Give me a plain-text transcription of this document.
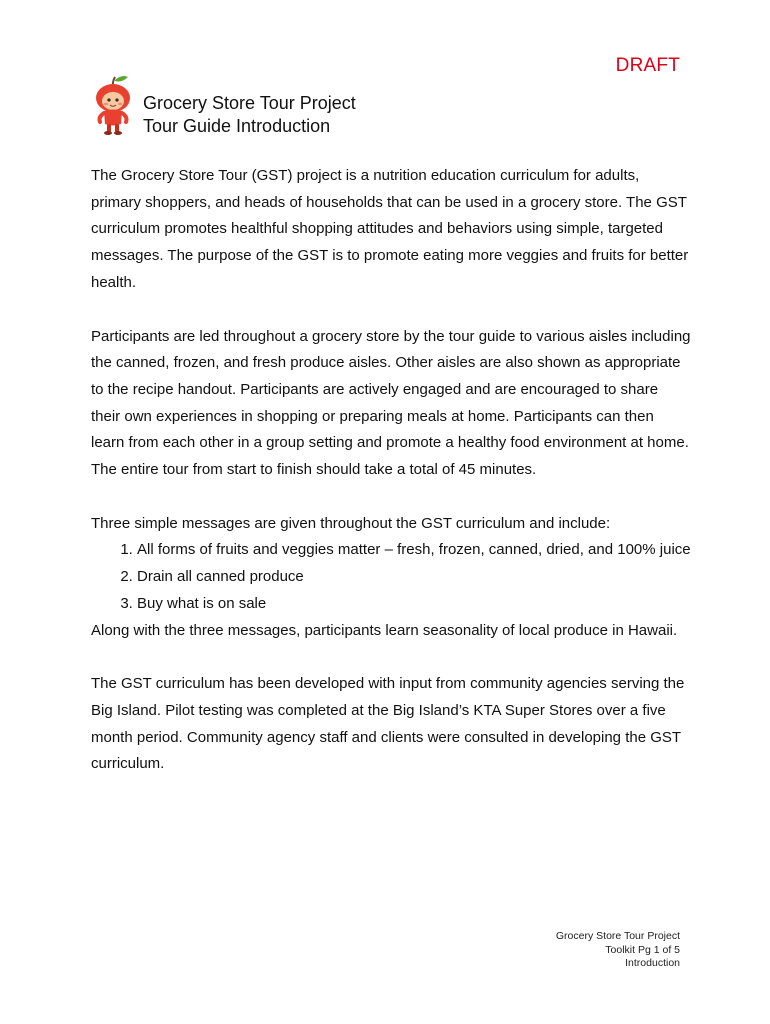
DRAFT
Grocery Store Tour Project
Tour Guide Introduction

The Grocery Store Tour (GST) project is a nutrition education curriculum for adults, primary shoppers, and heads of households that can be used in a grocery store. The GST curriculum promotes healthful shopping attitudes and behaviors using simple, targeted messages. The purpose of the GST is to promote eating more veggies and fruits for better health.

Participants are led throughout a grocery store by the tour guide to various aisles including the canned, frozen, and fresh produce aisles. Other aisles are also shown as appropriate to the recipe handout. Participants are actively engaged and are encouraged to share their own experiences in shopping or preparing meals at home. Participants can then learn from each other in a group setting and promote a healthy food environment at home. The entire tour from start to finish should take a total of 45 minutes.

Three simple messages are given throughout the GST curriculum and include:

1. All forms of fruits and veggies matter – fresh, frozen, canned, dried, and 100% juice
2. Drain all canned produce
3. Buy what is on sale

Along with the three messages, participants learn seasonality of local produce in Hawaii.

The GST curriculum has been developed with input from community agencies serving the Big Island. Pilot testing was completed at the Big Island’s KTA Super Stores over a five month period. Community agency staff and clients were consulted in developing the GST curriculum.

Grocery Store Tour Project
Toolkit Pg 1 of 5
Introduction
